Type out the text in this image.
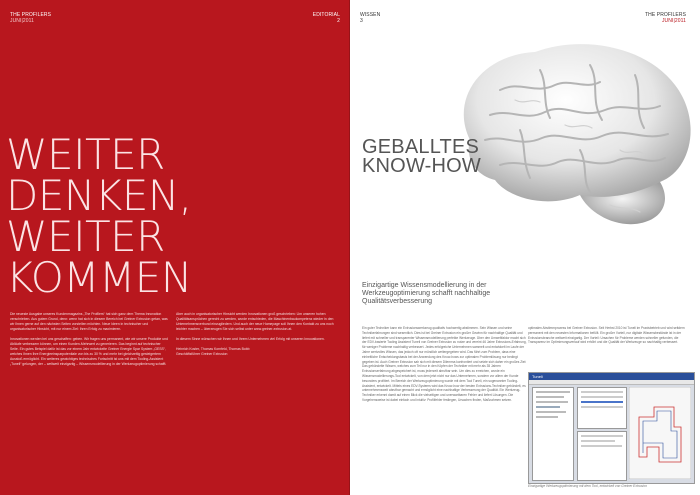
THE PROFILERS
JUNI|2011
EDITORIAL
2
WEITER
DENKEN,
WEITER
KOMMEN

Die neueste Ausgabe unseres Kundenmagazins „The Profilers“ hat sich ganz dem Thema Innovation verschrieben. Aus gutem Grund, denn: wenn hat sich in diesem Bereich bei Greiner Extrusion getan, was wir Ihnen gerne auf den nächsten Seiten vorstellen möchten. Neue Ideen in technischer und organisatorischer Hinsicht, mit nur einem Ziel: Ihren Erfolg zu maximieren.

Innovationen werden bei uns geschaffen: geben. Wir fragen uns permanent, wie wir unsere Produkte und Abläufe verbessern können, um einen Kunden-Mehrwert zu generieren. Das beginnt auf technischer Seite. Ein gutes Beispiel dafür ist das vor einem Jahr entwickelte Greiner Energie Spar System „GESS“, welches Ihnen Ihre Energieeinsparpotentiale von bis zu 30 % und mehr bei gleichzeitig gesteigertem Ausstoß ermöglicht. Ein weiteres gewichtiges technisches Fortschritt ist uns mit dem Tooling-Assistent „Tuneli“ gelungen, der – weltweit einzigartig – Wissensmodellierung in der Werkzeugoptimierung schafft.

Aber auch in organisatorischer Hinsicht werden Innovationen groß geschrieben: Um unseren hohen Qualitätsansprüchen gerecht zu werden, wurde entschieden, die Maschinenbaukompetenz wieder in den Unternehmensverbund einzugliedern. Und auch der neue Homepage soll Ihnen den Kontakt zu uns noch leichter machen – überzeugen Sie sich selbst unter www.greiner-extrusion.at.

In diesem Sinne wünschen wir Ihnen und Ihrem Unternehmen viel Erfolg mit unseren Innovationen.

Heinrich Koster, Thomas Kornfeld, Thomas Bobb

Geschäftsführer Greiner Extrusion

WISSEN
3
THE PROFILERS
JUNI|2011
GEBALLTES
KNOW-HOW
Einzigartige Wissensmodellierung in der Werkzeugoptimierung schafft nachhaltige Qualitätsverbesserung
Ein guter Techniker kann ein Extrusionswerkzeug qualitativ hochwertig abstimmen. Sein Wissen und seine Technikerfahrungen sind wesentlich. Dies ist bei Greiner Extrusion ein großer Gewinn für nachhaltige Qualität und liefert mit schneller und transparenter Wissensmodellierung perfekte Werkzeuge. Über den Umweltfaktor macht sich der EDV-basierte Tooling Assistent Tuneli von Greiner Extrusion zu nutze und vereint 46 Jahre Extrusions-Erfahrung, für weniger Probleme nachhaltig verbessert. Jedes erfolgreiche Unternehmen sammelt und entwickelt im Laufe der Jahre wertvolles Wissen, das jedoch oft nur mündlich weitergegeben wird. Das führt zum Problem, dass eine einheitliche Entscheidungsbasis bei der Anwendung des Know-hows zur optimalen Problemlösung nur bedingt gegeben ist. Auch Greiner Extrusion sah sich mit diesem Dilemma konfrontiert und setzte sich daher ein großes Ziel: Das gebündelte Wissen, welches zum Teil nur in den Köpfen der Techniker mit mehr als 35 Jahren Extrusionserfahrung abgespeichert ist, muss jederzeit abrufbar sein. Um dies zu erreichen, wurde ein Wissensmodellierungs-Tool entwickelt, von dem jetzt nicht nur das Unternehmen, sondern vor allem der Kunde besonders profitiert. Im Bereich der Werkzeugoptimierung wurde mit dem Tool Tuneli, ein sogenannter Tooling-Assistent, entwickelt. Mittels eines EDV-Systems wird das Know-how der besten Extrusions-Techniker gebündelt, es unternehmensweit abrufbar gemacht und ermöglicht eine nachhaltige Verbesserung der Qualität. Ein Werkzeug-Techniker erkennt damit auf einen Blick die vielseitigen und unerwartbaren Fehler und liefert Lösungen. Die Vorgehensweise ist dabei einfach und intuitiv: Profilfehler festlegen, Ursachen finden, Maßnahmen setzen.
optimalen Abstimmprozess bei Greiner Extrusion. Seit Herbst 2010 ist Tuneli im Praxisbetrieb und wird seitdem permanent mit den neuesten Informationen befüllt. Ein großer Vorteil, nur digitale Wissensbestände ist in der Extrusionsbranche weltweit einzigartig. Der Vorteil: Ursachen für Probleme werden schneller gefunden, die Transparenz im Optimierungsverlauf wird erhöht und die Qualität der Werkzeuge so nachhaltig verbessert.
Tuneli
Einzigartige Werkzeugoptimierung mit dem Tool, entwickelt von Greiner Extrusion
